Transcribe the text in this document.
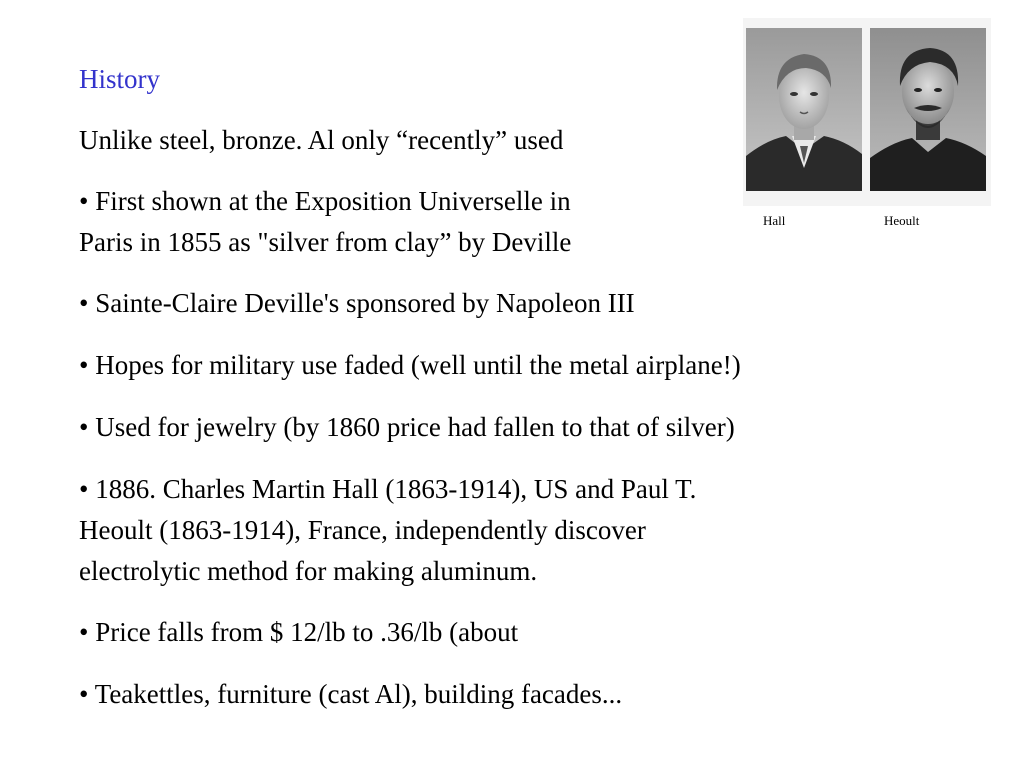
History

Unlike steel, bronze. Al only “recently” used

• First shown at the Exposition Universelle in

Paris in 1855 as "silver from clay” by Deville

• Sainte-Claire Deville's sponsored by Napoleon III

• Hopes for military use faded (well until the metal airplane!)

• Used for jewelry (by 1860 price had fallen to that of silver)

• 1886. Charles Martin Hall (1863-1914), US and Paul T.

Heoult (1863-1914), France, independently discover

electrolytic method for making aluminum.

• Price falls from $ 12/lb to .36/lb (about

• Teakettles, furniture (cast Al), building facades...

Hall	Heoult
